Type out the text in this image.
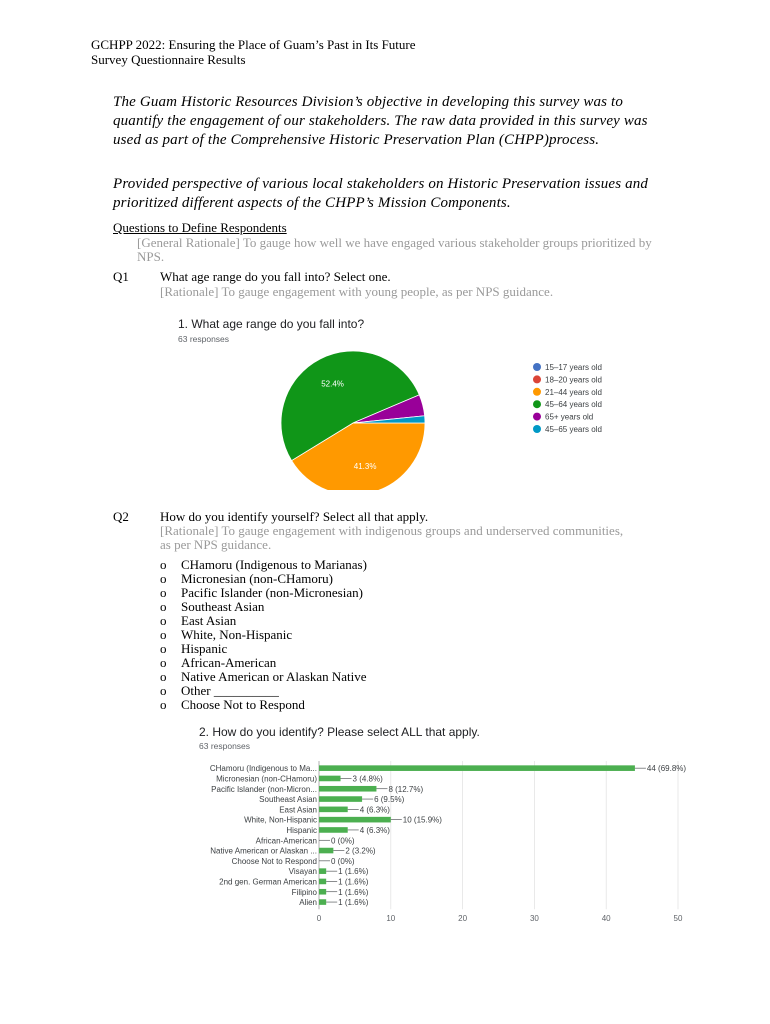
GCHPP 2022: Ensuring the Place of Guam’s Past in Its Future
Survey Questionnaire Results
The Guam Historic Resources Division’s objective in developing this survey was to quantify the engagement of our stakeholders. The raw data provided in this survey was used as part of the Comprehensive Historic Preservation Plan (CHPP)process.
Provided perspective of various local stakeholders on Historic Preservation issues and prioritized different aspects of the CHPP’s Mission Components.
Questions to Define Respondents
[General Rationale] To gauge how well we have engaged various stakeholder groups prioritized by NPS.
Q1 What age range do you fall into? Select one.
[Rationale] To gauge engagement with young people, as per NPS guidance.
1. What age range do you fall into?
63 responses
52.4%
41.3%
15–17 years old
18–20 years old
21–44 years old
45–64 years old
65+ years old
45–65 years old
Q2 How do you identify yourself? Select all that apply.
[Rationale] To gauge engagement with indigenous groups and underserved communities, as per NPS guidance.
o	CHamoru (Indigenous to Marianas)
o	Micronesian (non-CHamoru)
o	Pacific Islander (non-Micronesian)
o	Southeast Asian
o	East Asian
o	White, Non-Hispanic
o	Hispanic
o	African-American
o	Native American or Alaskan Native
o	Other __________
o	Choose Not to Respond
2. How do you identify? Please select ALL that apply.
63 responses
0	10	20	30	40	50
CHamoru (Indigenous to Ma...	44 (69.8%)
Micronesian (non-CHamoru)	3 (4.8%)
Pacific Islander (non-Micron...	8 (12.7%)
Southeast Asian	6 (9.5%)
East Asian	4 (6.3%)
White, Non-Hispanic	10 (15.9%)
Hispanic	4 (6.3%)
African-American 0 (0%)
Native American or Alaskan ...	2 (3.2%)
Choose Not to Respond 0 (0%)
Visayan	1 (1.6%)
2nd gen. German American	1 (1.6%)
Filipino	1 (1.6%)
Alien	1 (1.6%)
